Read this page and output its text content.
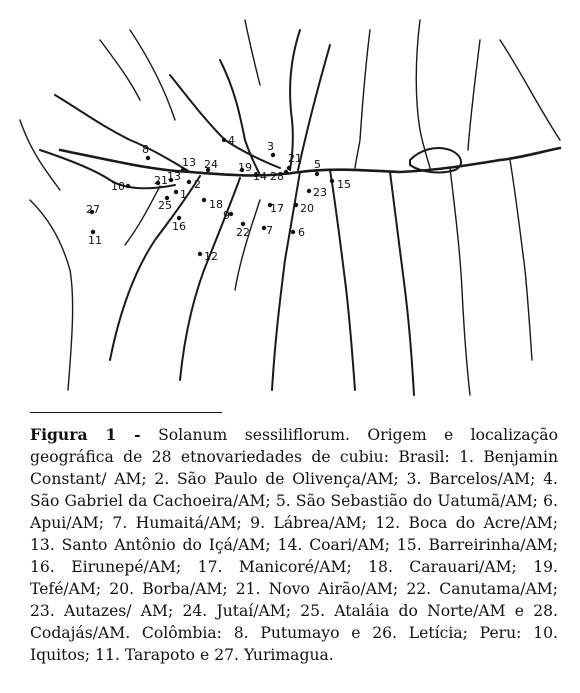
1
2
3
4
5
6
7
8
9
10
11
12
13
13	14
15
16
17
18
19
20
21
21
22
23
24
25
27
28
Figura 1 - Solanum sessiliflorum. Origem e localização geográfica de 28 etnovariedades de cubiu: Brasil: 1. Benjamin Constant/ AM; 2. São Paulo de Olivença/AM; 3. Barcelos/AM; 4. São Gabriel da Cachoeira/AM; 5. São Sebastião do Uatumã/AM; 6. Apui/AM; 7. Humaitá/AM; 9. Lábrea/AM; 12. Boca do Acre/AM; 13. Santo Antônio do Içá/AM; 14. Coari/AM; 15. Barreirinha/AM; 16. Eirunepé/AM; 17. Manicoré/AM; 18. Carauari/AM; 19. Tefé/AM; 20. Borba/AM; 21. Novo Airão/AM; 22. Canutama/AM; 23. Autazes/ AM; 24. Jutaí/AM; 25. Ataláia do Norte/AM e 28. Codajás/AM. Colômbia: 8. Putumayo e 26. Letícia; Peru: 10. Iquitos; 11. Tarapoto e 27. Yurimagua.
